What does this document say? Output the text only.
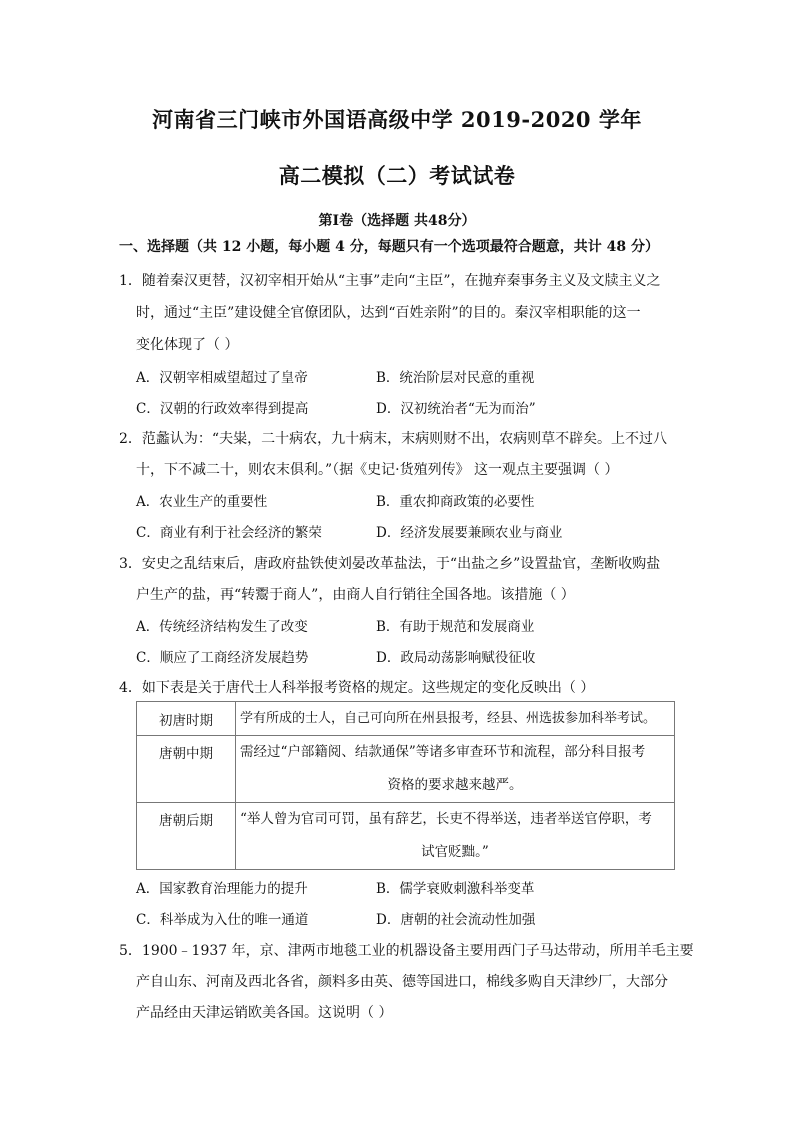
河南省三门峡市外国语高级中学 2019-2020 学年
高二模拟（二）考试试卷
第Ⅰ卷（选择题 共48分）
一、选择题（共 12 小题，每小题 4 分，每题只有一个选项最符合题意，共计 48 分）
1．随着秦汉更替，汉初宰相开始从“主事”走向“主臣”，在抛弃秦事务主义及文牍主义之
时，通过“主臣”建设健全官僚团队，达到“百姓亲附”的目的。秦汉宰相职能的这一
变化体现了（ ）
A．汉朝宰相威望超过了皇帝	B．统治阶层对民意的重视
C．汉朝的行政效率得到提高	D．汉初统治者“无为而治”
2．范蠡认为：“夫粜，二十病农，九十病末，末病则财不出，农病则草不辟矣。上不过八
十，下不减二十，则农末俱利。”（据《史记·货殖列传》 这一观点主要强调（ ）
A．农业生产的重要性	B．重农抑商政策的必要性
C．商业有利于社会经济的繁荣	D．经济发展要兼顾农业与商业
3．安史之乱结束后，唐政府盐铁使刘晏改革盐法，于“出盐之乡”设置盐官，垄断收购盐
户生产的盐，再“转鬻于商人”，由商人自行销往全国各地。该措施（ ）
A．传统经济结构发生了改变	B．有助于规范和发展商业
C．顺应了工商经济发展趋势	D．政局动荡影响赋役征收
4．如下表是关于唐代士人科举报考资格的规定。这些规定的变化反映出（ ）
初唐时期	学有所成的士人，自己可向所在州县报考，经县、州选拔参加科举考试。
唐朝中期	需经过“户部籍阅、结款通保”等诸多审查环节和流程，部分科目报考
资格的要求越来越严。

唐朝后期	“举人曾为官司可罚，虽有辞艺，长吏不得举送，违者举送官停职，考
试官贬黜。”
A．国家教育治理能力的提升	B．儒学衰败刺激科举变革
C．科举成为入仕的唯一通道	D．唐朝的社会流动性加强
5．1900﹣1937 年，京、津两市地毯工业的机器设备主要用西门子马达带动，所用羊毛主要
产自山东、河南及西北各省，颜料多由英、德等国进口，棉线多购自天津纱厂，大部分
产品经由天津运销欧美各国。这说明（ ）
